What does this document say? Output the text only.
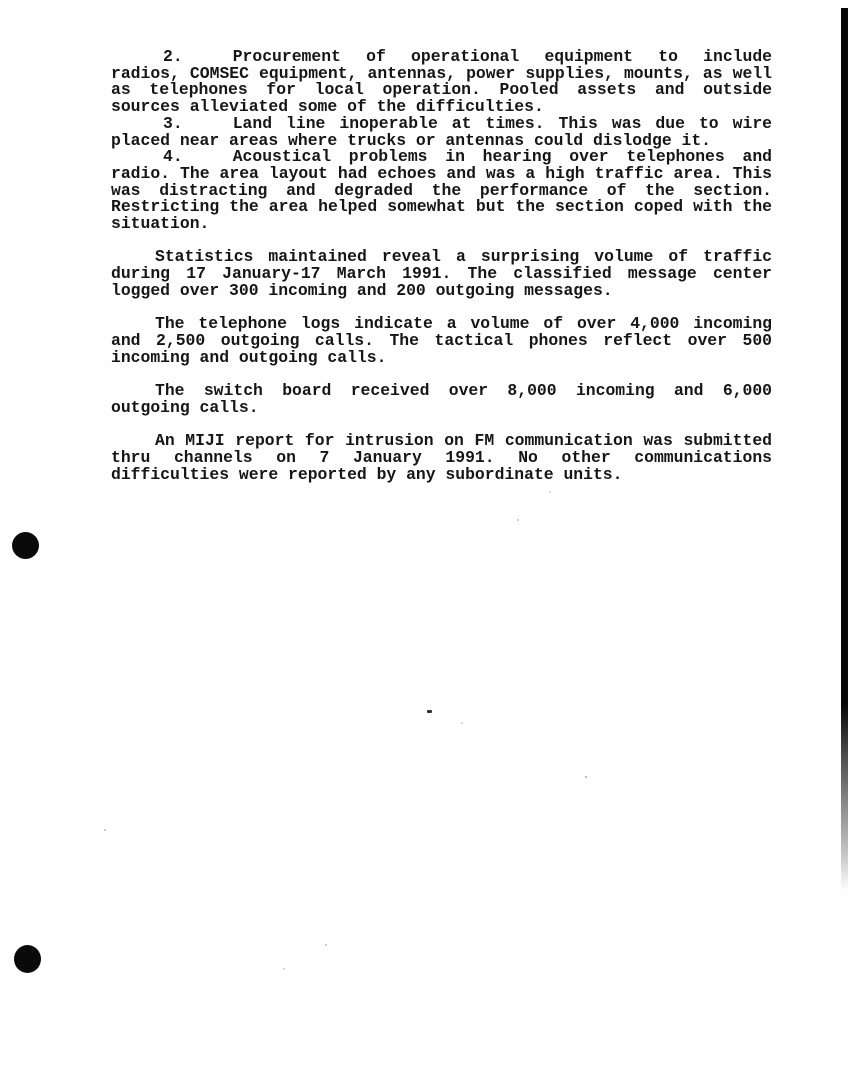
2.	Procurement of operational equipment to include radios, COMSEC equipment, antennas, power supplies, mounts, as well as telephones for local operation. Pooled assets and outside sources alleviated some of the difficulties.

3.	Land line inoperable at times. This was due to wire placed near areas where trucks or antennas could dislodge it.

4.	Acoustical problems in hearing over telephones and radio. The area layout had echoes and was a high traffic area. This was distracting and degraded the performance of the section. Restricting the area helped somewhat but the section coped with the situation.

Statistics maintained reveal a surprising volume of traffic during 17 January-17 March 1991. The classified message center logged over 300 incoming and 200 outgoing messages.

The telephone logs indicate a volume of over 4,000 incoming and 2,500 outgoing calls. The tactical phones reflect over 500 incoming and outgoing calls.

The switch board received over 8,000 incoming and 6,000 outgoing calls.

An MIJI report for intrusion on FM communication was submitted thru channels on 7 January 1991. No other communications difficulties were reported by any subordinate units.
